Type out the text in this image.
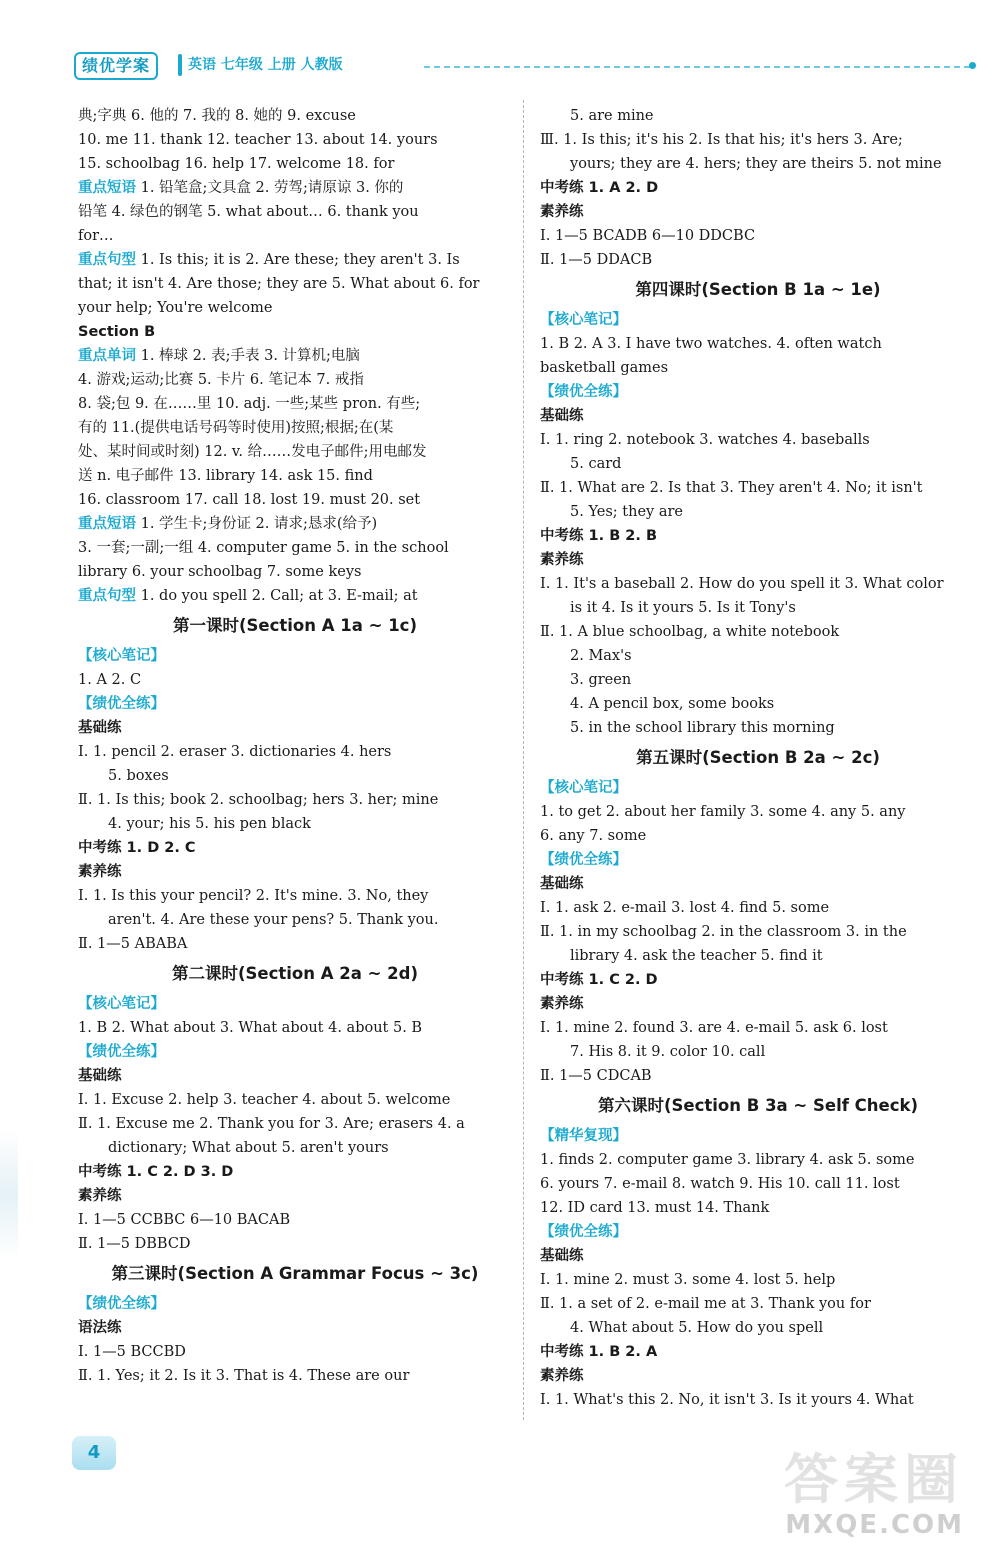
绩优学案	英语 七年级 上册 人教版
典;字典 6. 他的 7. 我的 8. 她的 9. excuse
10. me 11. thank 12. teacher 13. about 14. yours
15. schoolbag 16. help 17. welcome 18. for
重点短语 1. 铅笔盒;文具盒 2. 劳驾;请原谅 3. 你的
铅笔 4. 绿色的钢笔 5. what about… 6. thank you
for…
重点句型 1. Is this; it is 2. Are these; they aren't 3. Is
that; it isn't 4. Are those; they are 5. What about 6. for
your help; You're welcome
Section B
重点单词 1. 棒球 2. 表;手表 3. 计算机;电脑
4. 游戏;运动;比赛 5. 卡片 6. 笔记本 7. 戒指
8. 袋;包 9. 在……里 10. adj. 一些;某些 pron. 有些;
有的 11.(提供电话号码等时使用)按照;根据;在(某
处、某时间或时刻) 12. v. 给……发电子邮件;用电邮发
送 n. 电子邮件 13. library 14. ask 15. find
16. classroom 17. call 18. lost 19. must 20. set
重点短语 1. 学生卡;身份证 2. 请求;恳求(给予)
3. 一套;一副;一组 4. computer game 5. in the school
library 6. your schoolbag 7. some keys
重点句型 1. do you spell 2. Call; at 3. E-mail; at
第一课时(Section A 1a ~ 1c)
【核心笔记】
1. A 2. C
【绩优全练】
基础练
Ⅰ. 1. pencil 2. eraser 3. dictionaries 4. hers
5. boxes
Ⅱ. 1. Is this; book 2. schoolbag; hers 3. her; mine
4. your; his 5. his pen black
中考练 1. D 2. C
素养练
Ⅰ. 1. Is this your pencil? 2. It's mine. 3. No, they
aren't. 4. Are these your pens? 5. Thank you.
Ⅱ. 1—5 ABABA
第二课时(Section A 2a ~ 2d)
【核心笔记】
1. B 2. What about 3. What about 4. about 5. B
【绩优全练】
基础练
Ⅰ. 1. Excuse 2. help 3. teacher 4. about 5. welcome
Ⅱ. 1. Excuse me 2. Thank you for 3. Are; erasers 4. a
dictionary; What about 5. aren't yours
中考练 1. C 2. D 3. D
素养练
Ⅰ. 1—5 CCBBC 6—10 BACAB
Ⅱ. 1—5 DBBCD
第三课时(Section A Grammar Focus ~ 3c)
【绩优全练】
语法练
Ⅰ. 1—5 BCCBD
Ⅱ. 1. Yes; it 2. Is it 3. That is 4. These are our
5. are mine
Ⅲ. 1. Is this; it's his 2. Is that his; it's hers 3. Are;
yours; they are 4. hers; they are theirs 5. not mine
中考练 1. A 2. D
素养练
Ⅰ. 1—5 BCADB 6—10 DDCBC
Ⅱ. 1—5 DDACB
第四课时(Section B 1a ~ 1e)
【核心笔记】
1. B 2. A 3. I have two watches. 4. often watch
basketball games
【绩优全练】
基础练
Ⅰ. 1. ring 2. notebook 3. watches 4. baseballs
5. card
Ⅱ. 1. What are 2. Is that 3. They aren't 4. No; it isn't
5. Yes; they are
中考练 1. B 2. B
素养练
Ⅰ. 1. It's a baseball 2. How do you spell it 3. What color
is it 4. Is it yours 5. Is it Tony's
Ⅱ. 1. A blue schoolbag, a white notebook
2. Max's
3. green
4. A pencil box, some books
5. in the school library this morning
第五课时(Section B 2a ~ 2c)
【核心笔记】
1. to get 2. about her family 3. some 4. any 5. any
6. any 7. some
【绩优全练】
基础练
Ⅰ. 1. ask 2. e-mail 3. lost 4. find 5. some
Ⅱ. 1. in my schoolbag 2. in the classroom 3. in the
library 4. ask the teacher 5. find it
中考练 1. C 2. D
素养练
Ⅰ. 1. mine 2. found 3. are 4. e-mail 5. ask 6. lost
7. His 8. it 9. color 10. call
Ⅱ. 1—5 CDCAB
第六课时(Section B 3a ~ Self Check)
【精华复现】
1. finds 2. computer game 3. library 4. ask 5. some
6. yours 7. e-mail 8. watch 9. His 10. call 11. lost
12. ID card 13. must 14. Thank
【绩优全练】
基础练
Ⅰ. 1. mine 2. must 3. some 4. lost 5. help
Ⅱ. 1. a set of 2. e-mail me at 3. Thank you for
4. What about 5. How do you spell
中考练 1. B 2. A
素养练
Ⅰ. 1. What's this 2. No, it isn't 3. Is it yours 4. What
4	答案圈
MXQE.COM
